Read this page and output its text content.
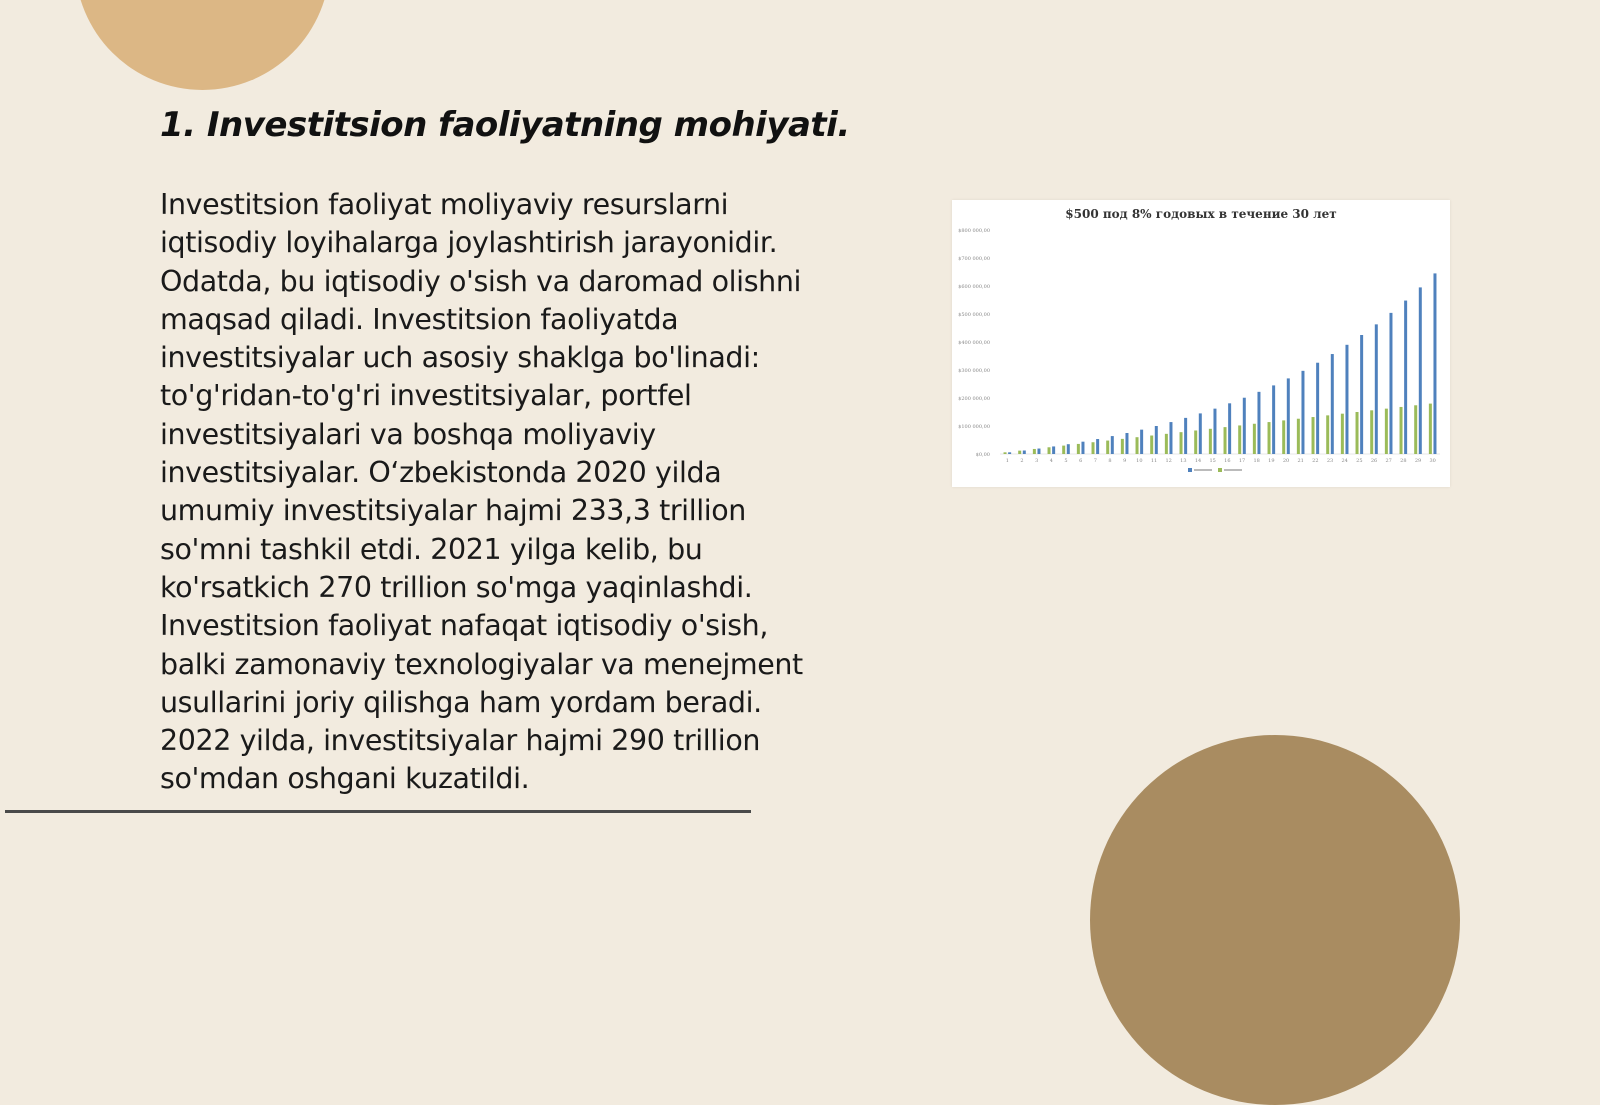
1. Investitsion faoliyatning mohiyati.

Investitsion faoliyat moliyaviy resurslarni iqtisodiy loyihalarga joylashtirish jarayonidir. Odatda, bu iqtisodiy o'sish va daromad olishni maqsad qiladi. Investitsion faoliyatda investitsiyalar uch asosiy shaklga bo'linadi: to'g'ridan-to'g'ri investitsiyalar, portfel investitsiyalari va boshqa moliyaviy investitsiyalar. O‘zbekistonda 2020 yilda umumiy investitsiyalar hajmi 233,3 trillion so'mni tashkil etdi. 2021 yilga kelib, bu ko'rsatkich 270 trillion so'mga yaqinlashdi. Investitsion faoliyat nafaqat iqtisodiy o'sish, balki zamonaviy texnologiyalar va menejment usullarini joriy qilishga ham yordam beradi. 2022 yilda, investitsiyalar hajmi 290 trillion so'mdan oshgani kuzatildi.

$500 под 8% годовых в течение 30 лет
$0,00
$100 000,00
$200 000,00
$300 000,00
$400 000,00
$500 000,00
$600 000,00
$700 000,00
$800 000,00
1 2 3 4 5 6 7 8 9 10 11 12 13 14 15 16 17 18 19 20 21 22 23 24 25 26 27 28 29 30
